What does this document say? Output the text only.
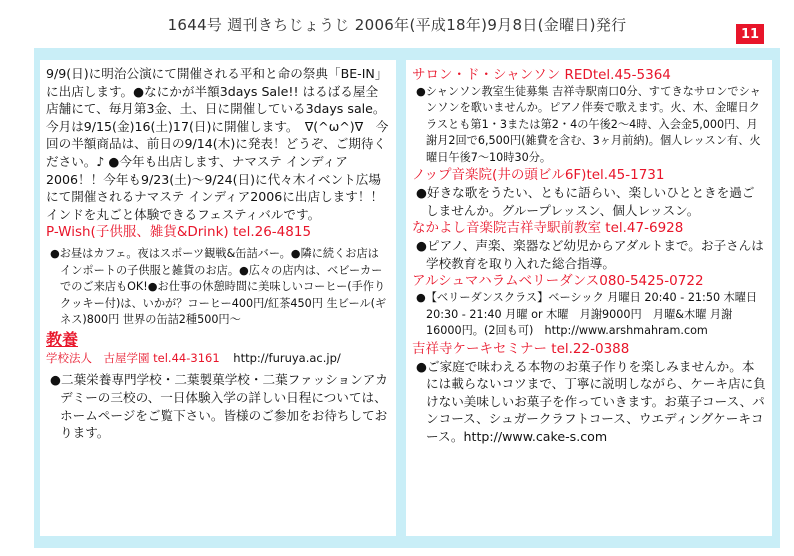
1644号 週刊きちじょうじ 2006年(平成18年)9月8日(金曜日)発行	11

9/9(日)に明治公演にて開催される平和と命の祭典「BE-IN」に出店します。●なにかが半額3days Sale!! はるばる屋全店舗にて、毎月第3金、土、日に開催している3days sale。今月は9/15(金)16(土)17(日)に開催します。　∇(^ω^)∇　今回の半額商品は、前日の9/14(木)に発表！どうぞ、ご期待ください。♪ ●今年も出店します、ナマステ インディア2006！！今年も9/23(土)～9/24(日)に代々木イベント広場にて開催されるナマステ インディア2006に出店します！！インドを丸ごと体験できるフェスティバルです。

P-Wish(子供服、雑貨&Drink) tel.26-4815

●お昼はカフェ。夜はスポーツ観戦&缶詰バー。●隣に続くお店はインポートの子供服と雑貨のお店。●広々の店内は、ベビーカーでのご来店もOK!●お仕事の休憩時間に美味しいコーヒー(手作りクッキー付)は、いかが？コーヒー400円/紅茶450円 生ビール(ギネス)800円 世界の缶詰2種500円～

教養

学校法人　古屋学園 tel.44-3161 http://furuya.ac.jp/

●二葉栄養専門学校・二葉製菓学校・二葉ファッションアカデミーの三校の、一日体験入学の詳しい日程については、ホームページをご覧下さい。皆様のご参加をお待ちしております。

サロン・ド・シャンソン REDtel.45-5364

●シャンソン教室生徒募集 吉祥寺駅南口0分、すてきなサロンでシャンソンを歌いませんか。ピアノ伴奏で歌えます。火、木、金曜日クラスとも第1・3または第2・4の午後2～4時、入会金5,000円、月謝月2回で6,500円(雑費を含む、3ヶ月前納)。個人レッスン有、火曜日午後7～10時30分。

ノップ音楽院(井の頭ビル6F)tel.45-1731

●好きな歌をうたい、ともに語らい、楽しいひとときを過ごしませんか。グループレッスン、個人レッスン。

なかよし音楽院吉祥寺駅前教室 tel.47-6928

●ピアノ、声楽、楽器など幼児からアダルトまで。お子さんは学校教育を取り入れた総合指導。

アルシュマハラムベリーダンス080-5425-0722

●【ベリーダンスクラス】ベーシック 月曜日 20:40 - 21:50 木曜日 20:30 - 21:40 月曜 or 木曜　月謝9000円　月曜&木曜 月謝16000円。(2回も可)　http://www.arshmahram.com

吉祥寺ケーキセミナー tel.22-0388

●ご家庭で味わえる本物のお菓子作りを楽しみませんか。本には載らないコツまで、丁寧に説明しながら、ケーキ店に負けない美味しいお菓子を作っていきます。お菓子コース、パンコース、シュガークラフトコース、ウエディングケーキコース。http://www.cake-s.com
